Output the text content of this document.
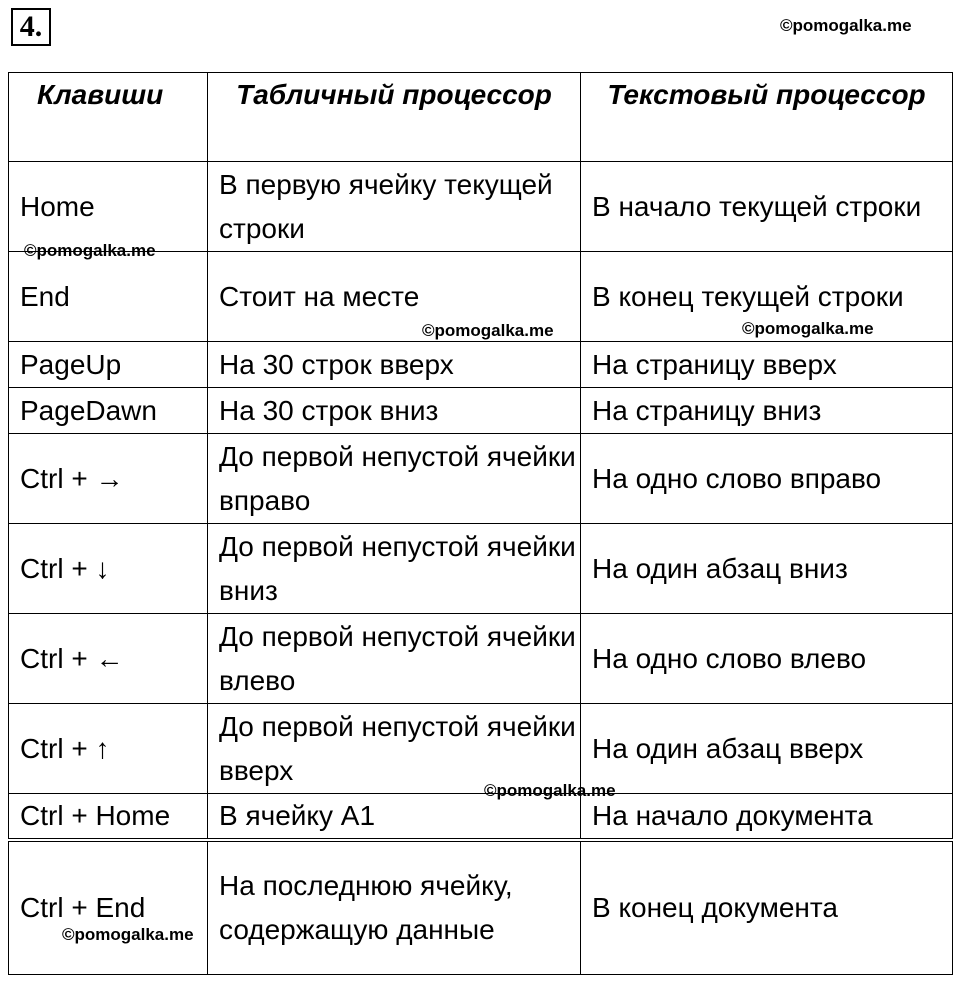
4.	©pomogalka.me
©pomogalka.me
©pomogalka.me	©pomogalka.me
©pomogalka.me
©pomogalka.me
Клавиши	Табличный процессор	Текстовый процессор
Home	В первую ячейку текущей строки	В начало текущей строки
End	Стоит на месте	В конец текущей строки
PageUp	На 30 строк вверх	На страницу вверх
PageDawn	На 30 строк вниз	На страницу вниз
Ctrl + →	До первой непустой ячейки вправо	На одно слово вправо
Ctrl + ↓	До первой непустой ячейки вниз	На один абзац вниз
Ctrl + ←	До первой непустой ячейки влево	На одно слово влево
Ctrl + ↑	До первой непустой ячейки вверх	На один абзац вверх
Ctrl + Home	В ячейку А1	На начало документа
Ctrl + End	На последнюю ячейку, содержащую данные	В конец документа
